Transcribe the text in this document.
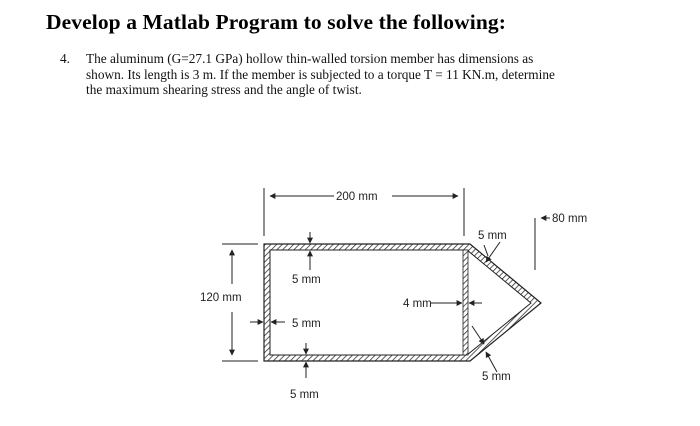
Develop a Matlab Program to solve the following:
4. The aluminum (G=27.1 GPa) hollow thin-walled torsion member has dimensions as
shown. Its length is 3 m. If the member is subjected to a torque T = 11 KN.m, determine
the maximum shearing stress and the angle of twist.
200 mm
80 mm
120 mm
5 mm
5 mm
5 mm
4 mm
5 mm
5 mm
